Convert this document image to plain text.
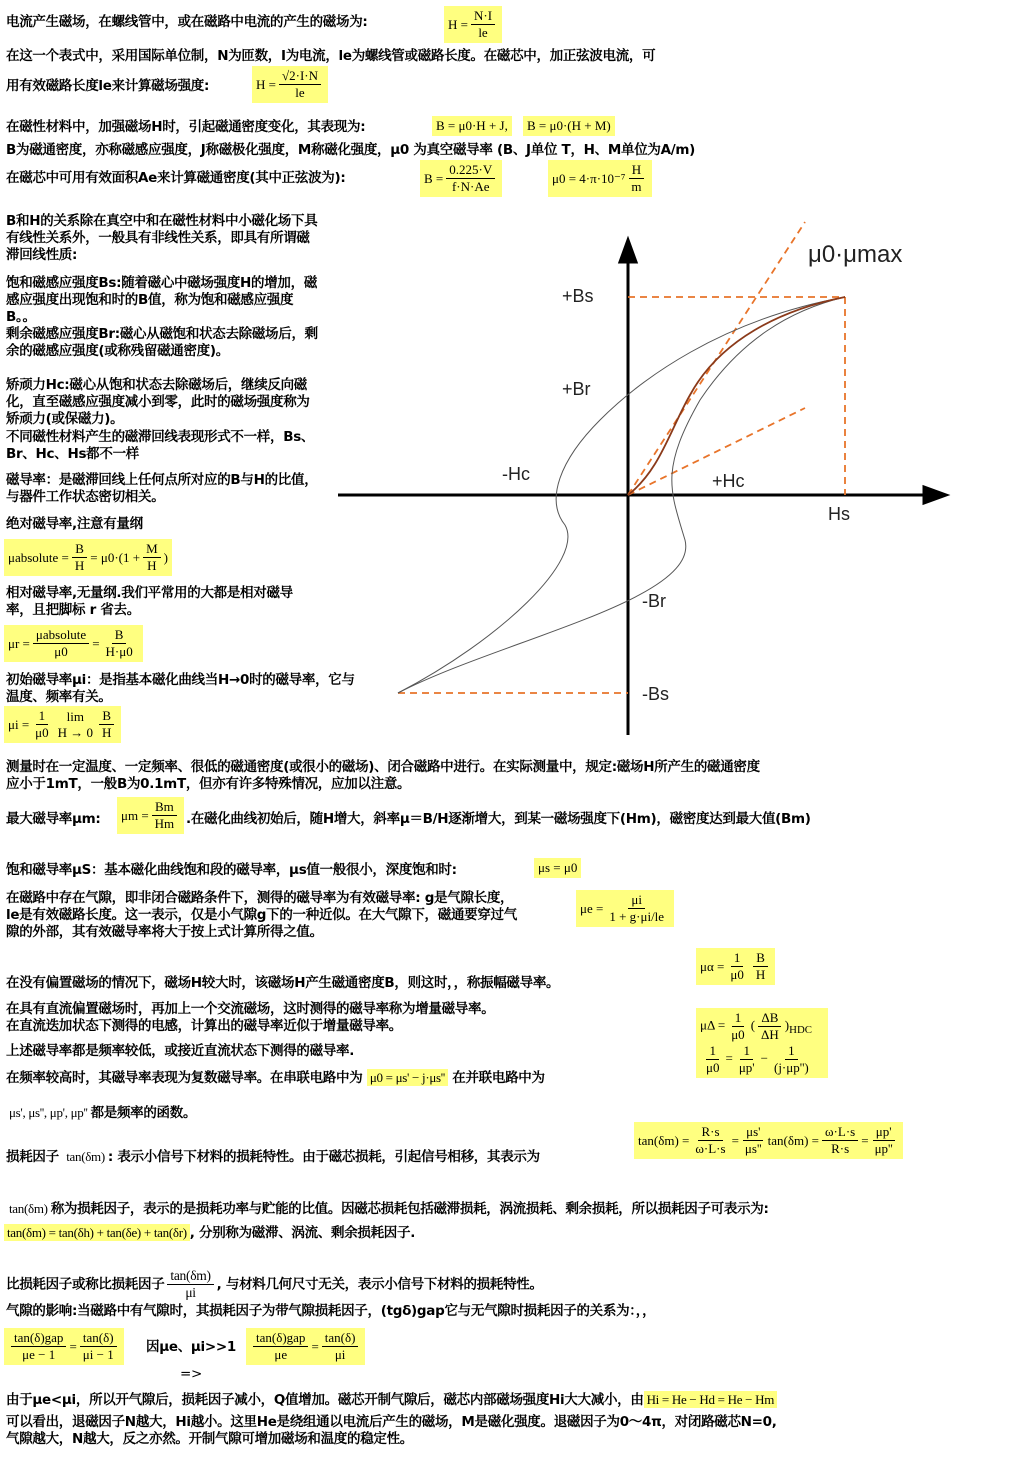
电流产生磁场，在螺线管中，或在磁路中电流的产生的磁场为:	$H = \frac{N\cdot I}{le}$
在这一个表式中，采用国际单位制，N为匝数，I为电流，le为螺线管或磁路长度。在磁芯中，加正弦波电流，可
用有效磁路长度le来计算磁场强度:	$H = \frac{√2\cdot I\cdot N}{le}$
在磁性材料中，加强磁场H时，引起磁通密度变化，其表现为:	B = μ0·H + J,	B = μ0·(H + M)
B为磁通密度，亦称磁感应强度，J称磁极化强度，M称磁化强度，μ0 为真空磁导率 (B、J单位 T，H、M单位为A/m)
在磁芯中可用有效面积Ae来计算磁通密度(其中正弦波为):	$B = \frac{0.225\cdot V}{f\cdot N\cdot Ae}$	$\mu 0 = 4\cdot\pi\cdot 10^{-7} \frac{H}{m}$
B和H的关系除在真空中和在磁性材料中小磁化场下具有线性关系外，一般具有非线性关系，即具有所谓磁滞回线性质:
饱和磁感应强度Bs:随着磁心中磁场强度H的增加，磁感应强度出现饱和时的B值，称为饱和磁感应强度B。。
剩余磁感应强度Br:磁心从磁饱和状态去除磁场后，剩余的磁感应强度(或称残留磁通密度)。
矫顽力Hc:磁心从饱和状态去除磁场后，继续反向磁化，直至磁感应强度减小到零，此时的磁场强度称为矫顽力(或保磁力)。
不同磁性材料产生的磁滞回线表现形式不一样，Bs、Br、Hc、Hs都不一样
磁导率：是磁滞回线上任何点所对应的B与H的比值，与器件工作状态密切相关。
绝对磁导率,注意有量纲
μabsolute = $\frac{B}{H} = \mu 0\cdot(1 + \frac{M}{H}$ )
相对磁导率,无量纲.我们平常用的大都是相对磁导率，且把脚标 r 省去。
$\mu r = \frac{\text{μabsolute}}{\mu 0} = \frac{B}{H\cdot\mu 0}$
初始磁导率μi：是指基本磁化曲线当H→0时的磁导率，它与温度、频率有关。
$\mu i = \frac{1}{\mu 0}$ lim
$H \to 0 \frac{B}{H}$
μ0·μmax
+Bs
+Br
-Hc	+Hc
Hs
-Br
-Bs
测量时在一定温度、一定频率、很低的磁通密度(或很小的磁场)、闭合磁路中进行。在实际测量中，规定:磁场H所产生的磁通密度
应小于1mT，一般B为0.1mT，但亦有许多特殊情况，应加以注意。
最大磁导率μm: $\mu m = \frac{Bm}{Hm}$ .在磁化曲线初始后，随H增大，斜率μ＝B/H逐渐增大，到某一磁场强度下(Hm)，磁密度达到最大值(Bm)
饱和磁导率μS：基本磁化曲线饱和段的磁导率，μs值一般很小，深度饱和时:	μs = μ0
在磁路中存在气隙，即非闭合磁路条件下，测得的磁导率为有效磁导率: g是气隙长度，le是有效磁路长度。这一表示，仅是小气隙g下的一种近似。在大气隙下，磁通要穿过气隙的外部，其有效磁导率将大于按上式计算所得之值。
$\mu e = \frac{\mu i}{1 + g\cdot\mu i/le}$
$\mu\alpha = \frac{1}{\mu 0} \frac{B}{H}$
在没有偏置磁场的情况下，磁场H较大时，该磁场H产生磁通密度B，则这时，，称振幅磁导率。
在具有直流偏置磁场时，再加上一个交流磁场，这时测得的磁导率称为增量磁导率。
在直流迭加状态下测得的电感，计算出的磁导率近似于增量磁导率。	$\mu\Delta = \frac{1}{\mu 0}$ ( $\frac{\Delta B}{\Delta H} )_{HDC}$
$\frac{1}{\mu 0} = \frac{1}{\mu p'} - \frac{1}{(j\cdot\mu p'')}$
上述磁导率都是频率较低，或接近直流状态下测得的磁导率.
在频率较高时，其磁导率表现为复数磁导率。在串联电路中为 μ0 = μs' − j·μs'' 在并联电路中为
μs', μs'', μp', μp'' 都是频率的函数。
损耗因子 tan(δm) : 表示小信号下材料的损耗特性。由于磁芯损耗，引起信号相移，其表示为
$\tan(\delta m) = \frac{R\cdot s}{\omega\cdot L\cdot s} = \frac{\mu s'}{\mu s''} \tan(\delta m) = \frac{\omega\cdot L\cdot s}{R\cdot s} = \frac{\mu p'}{\mu p''}$
tan(δm) 称为损耗因子，表示的是损耗功率与贮能的比值。因磁芯损耗包括磁滞损耗，涡流损耗、剩余损耗，所以损耗因子可表示为:
tan(δm) = tan(δh) + tan(δe) + tan(δr) , 分别称为磁滞、涡流、剩余损耗因子.
比损耗因子或称比损耗因子 $\frac{\tan(\delta m)}{\mu i}$ , 与材料几何尺寸无关，表示小信号下材料的损耗特性。
气隙的影响:当磁路中有气隙时，其损耗因子为带气隙损耗因子，(tgδ)gap它与无气隙时损耗因子的关系为：，，
$\frac{\text{tan(δ)gap}}{\mu e - 1} = \frac{\tan(\delta)}{\mu i - 1}$ 因μe、μi>>1
=>
$\frac{\text{tan(δ)gap}}{\mu e} = \frac{\tan(\delta)}{\mu i}$
由于μe<μi，所以开气隙后，损耗因子减小，Q值增加。磁芯开制气隙后，磁芯内部磁场强度Hi大大减小，由 Hi = He − Hd = He − Hm
可以看出，退磁因子N越大，Hi越小。这里He是绕组通以电流后产生的磁场，M是磁化强度。退磁因子为0～4π，对闭路磁芯N=0,
气隙越大，N越大，反之亦然。开制气隙可增加磁场和温度的稳定性。
